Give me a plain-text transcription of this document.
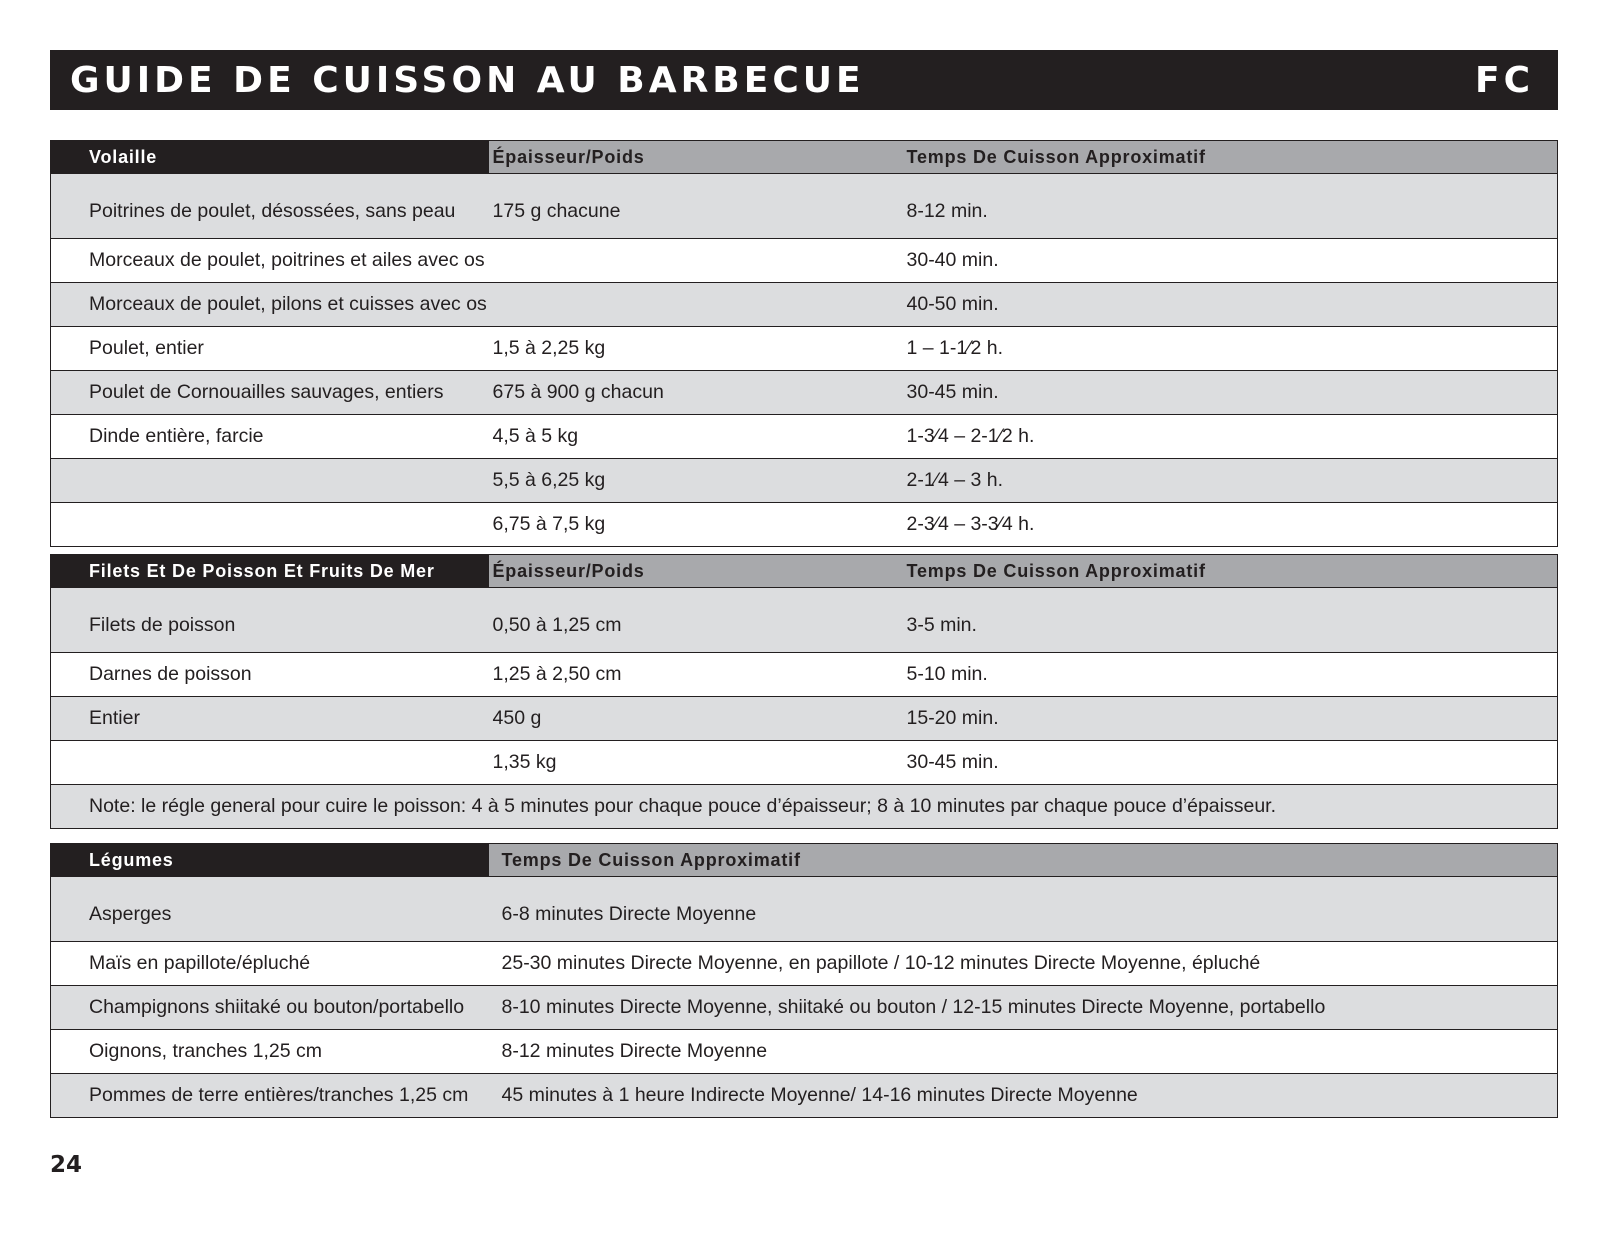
GUIDE DE CUISSON AU BARBECUE	FC
Volaille	Épaisseur/Poids	Temps De Cuisson Approximatif
Poitrines de poulet, désossées, sans peau	175 g chacune	8-12 min.
Morceaux de poulet, poitrines et ailes avec os		30-40 min.
Morceaux de poulet, pilons et cuisses avec os		40-50 min.
Poulet, entier	1,5 à 2,25 kg	1 – 1-1⁄2 h.
Poulet de Cornouailles sauvages, entiers	675 à 900 g chacun	30-45 min.
Dinde entière, farcie	4,5 à 5 kg	1-3⁄4 – 2-1⁄2 h.
	5,5 à 6,25 kg	2-1⁄4 – 3 h.
	6,75 à 7,5 kg	2-3⁄4 – 3-3⁄4 h.
Filets Et De Poisson Et Fruits De Mer	Épaisseur/Poids	Temps De Cuisson Approximatif
Filets de poisson	0,50 à 1,25 cm	3-5 min.
Darnes de poisson	1,25 à 2,50 cm	5-10 min.
Entier	450 g	15-20 min.
	1,35 kg	30-45 min.
Note: le régle general pour cuire le poisson: 4 à 5 minutes pour chaque pouce d’épaisseur; 8 à 10 minutes par chaque pouce d’épaisseur.		
Légumes	Temps De Cuisson Approximatif
Asperges	6-8 minutes Directe Moyenne
Maïs en papillote/épluché	25-30 minutes Directe Moyenne, en papillote / 10-12 minutes Directe Moyenne, épluché
Champignons shiitaké ou bouton/portabello	8-10 minutes Directe Moyenne, shiitaké ou bouton / 12-15 minutes Directe Moyenne, portabello
Oignons, tranches 1,25 cm	8-12 minutes Directe Moyenne
Pommes de terre entières/tranches 1,25 cm	45 minutes à 1 heure Indirecte Moyenne/ 14-16 minutes Directe Moyenne
24
